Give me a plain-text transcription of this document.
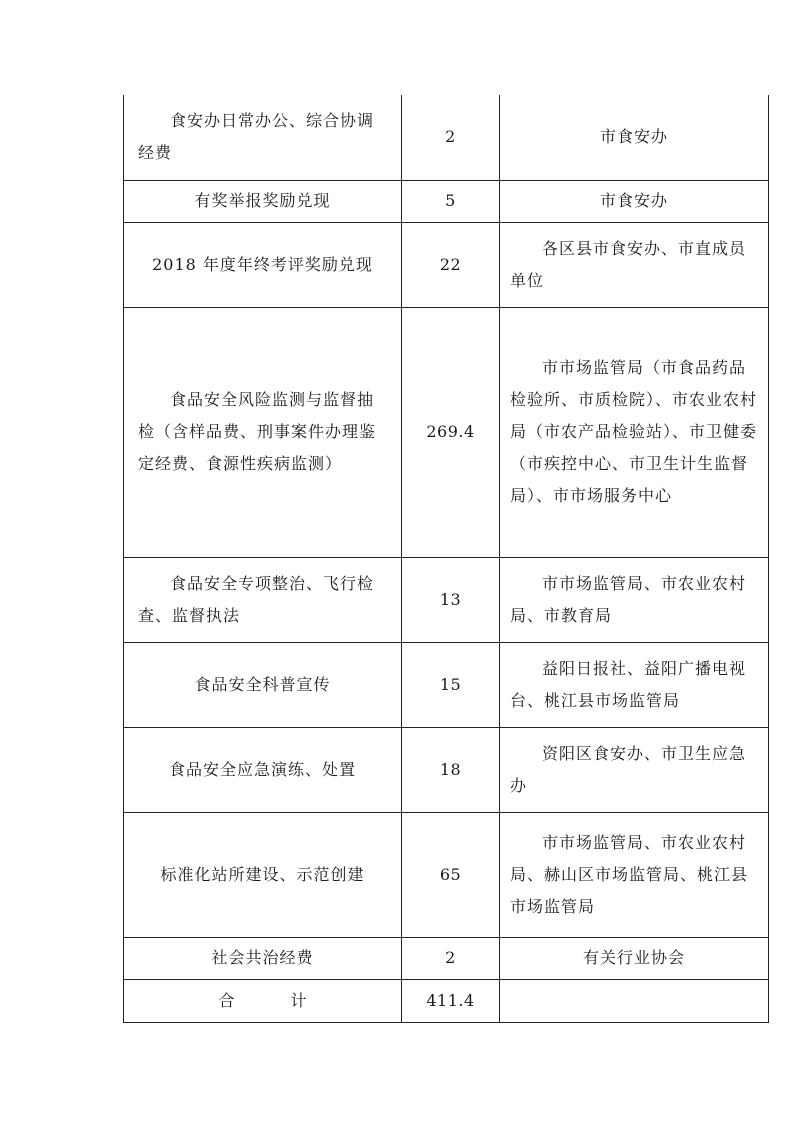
食安办日常办公、综合协调经费	2	市食安办
有奖举报奖励兑现	5	市食安办
2018 年度年终考评奖励兑现	22	各区县市食安办、市直成员单位
食品安全风险监测与监督抽检（含样品费、刑事案件办理鉴定经费、食源性疾病监测）	269.4	市市场监管局（市食品药品检验所、市质检院）、市农业农村局（市农产品检验站）、市卫健委（市疾控中心、市卫生计生监督局）、市市场服务中心
食品安全专项整治、飞行检查、监督执法	13	市市场监管局、市农业农村局、市教育局
食品安全科普宣传	15	益阳日报社、益阳广播电视台、桃江县市场监管局
食品安全应急演练、处置	18	资阳区食安办、市卫生应急办
标准化站所建设、示范创建	65	市市场监管局、市农业农村局、赫山区市场监管局、桃江县市场监管局
社会共治经费	2	有关行业协会
合计	411.4	
